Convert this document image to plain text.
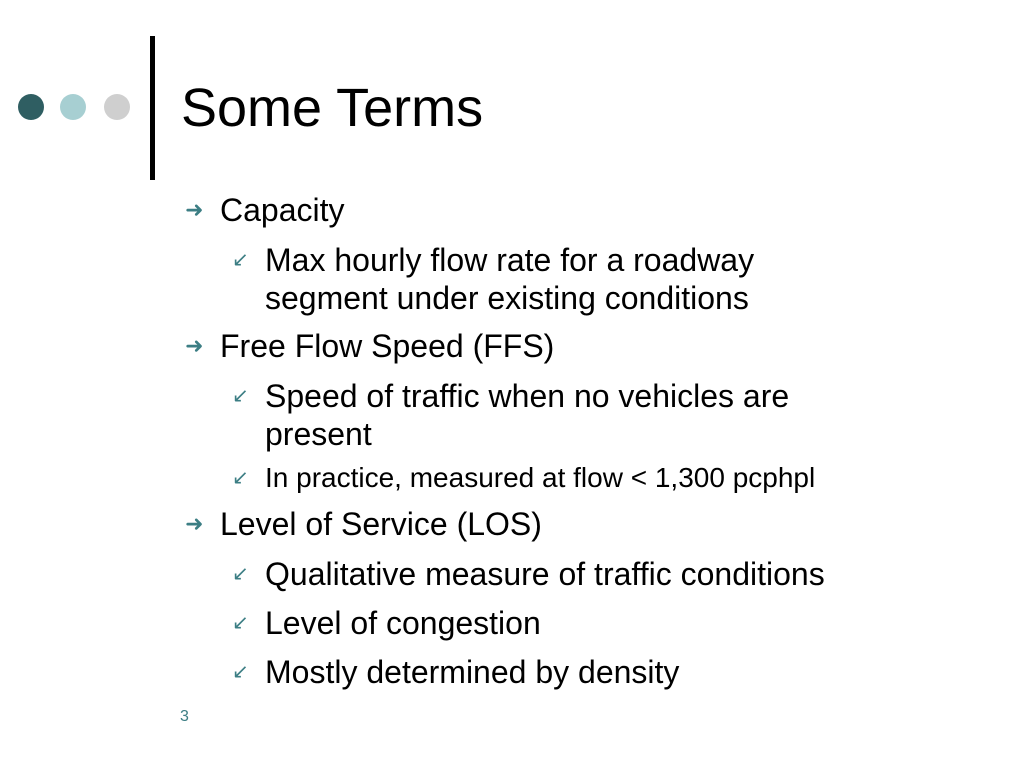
Some Terms
➜ Capacity
↙ Max hourly flow rate for a roadway
segment under existing conditions
➜ Free Flow Speed (FFS)
↙ Speed of traffic when no vehicles are
present
↙ In practice, measured at flow < 1,300 pcphpl
➜ Level of Service (LOS)
↙ Qualitative measure of traffic conditions
↙ Level of congestion
↙ Mostly determined by density
3
